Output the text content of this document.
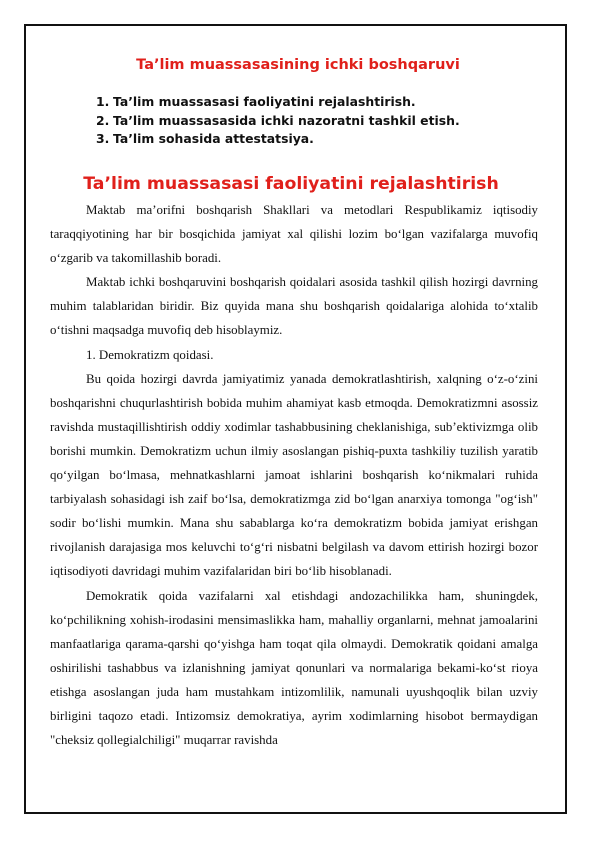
Ta’lim muassasasining ichki boshqaruvi
1. Ta’lim muassasasi faoliyatini rejalashtirish.
2. Ta’lim muassasasida ichki nazoratni tashkil etish.
3. Ta’lim sohasida attestatsiya.
Ta’lim muassasasi faoliyatini rejalashtirish

Maktab ma’orifni boshqarish Shakllari va metodlari Respublikamiz iqtisodiy taraqqiyotining har bir bosqichida jamiyat xal qilishi lozim bo‘lgan vazifalarga muvofiq o‘zgarib va takomillashib boradi.

Maktab ichki boshqaruvini boshqarish qoidalari asosida tashkil qilish hozirgi davrning muhim talablaridan biridir. Biz quyida mana shu boshqarish qoidalariga alohida to‘xtalib o‘tishni maqsadga muvofiq deb hisoblaymiz.

1. Demokratizm qoidasi.

Bu qoida hozirgi davrda jamiyatimiz yanada demokratlashtirish, xalqning o‘z-o‘zini boshqarishni chuqurlashtirish bobida muhim ahamiyat kasb etmoqda. Demokratizmni asossiz ravishda mustaqillishtirish oddiy xodimlar tashabbusining cheklanishiga, sub’ektivizmga olib borishi mumkin. Demokratizm uchun ilmiy asoslangan pishiq-puxta tashkiliy tuzilish yaratib qo‘yilgan bo‘lmasa, mehnatkashlarni jamoat ishlarini boshqarish ko‘nikmalari ruhida tarbiyalash sohasidagi ish zaif bo‘lsa, demokratizmga zid bo‘lgan anarxiya tomonga "og‘ish" sodir bo‘lishi mumkin. Mana shu sabablarga ko‘ra demokratizm bobida jamiyat erishgan rivojlanish darajasiga mos keluvchi to‘g‘ri nisbatni belgilash va davom ettirish hozirgi bozor iqtisodiyoti davridagi muhim vazifalaridan biri bo‘lib hisoblanadi.

Demokratik qoida vazifalarni xal etishdagi andozachilikka ham, shuningdek, ko‘pchilikning xohish-irodasini mensimaslikka ham, mahalliy organlarni, mehnat jamoalarini manfaatlariga qarama-qarshi qo‘yishga ham toqat qila olmaydi. Demokratik qoidani amalga oshirilishi tashabbus va izlanishning jamiyat qonunlari va normalariga bekami-ko‘st rioya etishga asoslangan juda ham mustahkam intizomlilik, namunali uyushqoqlik bilan uzviy birligini taqozo etadi. Intizomsiz demokratiya, ayrim xodimlarning hisobot bermaydigan "cheksiz qollegialchiligi" muqarrar ravishda
